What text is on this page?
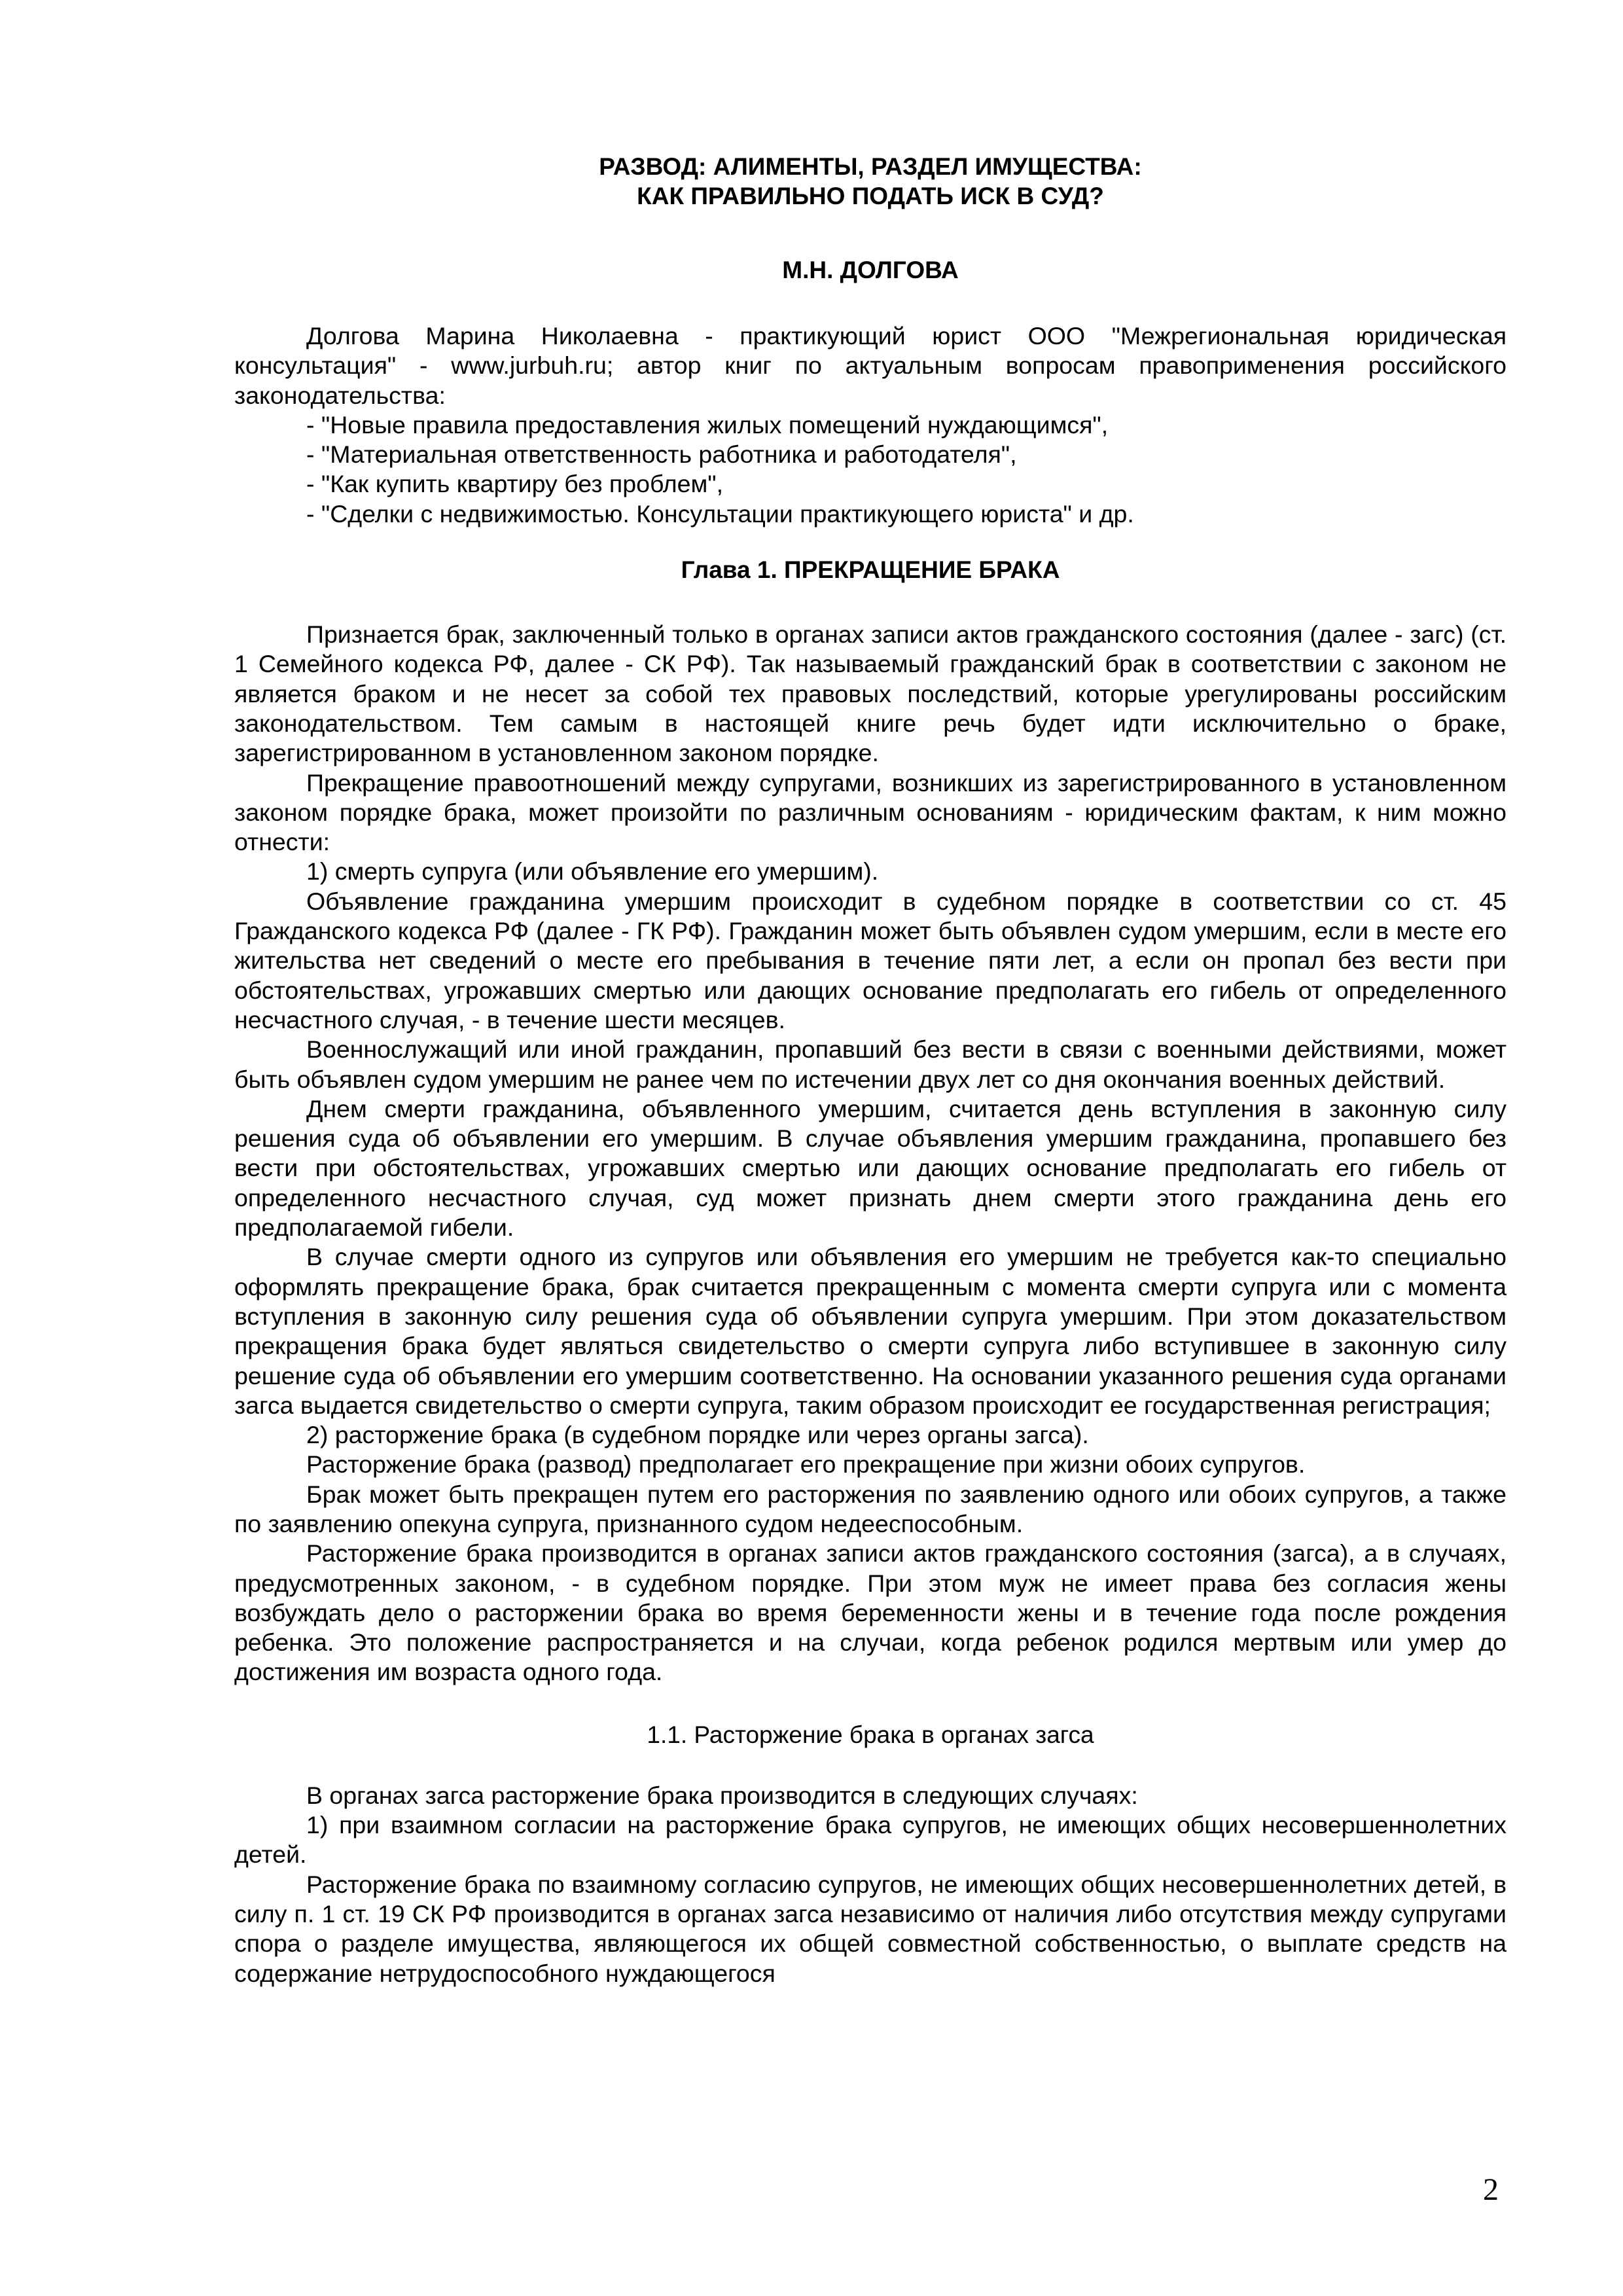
РАЗВОД: АЛИМЕНТЫ, РАЗДЕЛ ИМУЩЕСТВА:
КАК ПРАВИЛЬНО ПОДАТЬ ИСК В СУД?
М.Н. ДОЛГОВА

Долгова Марина Николаевна - практикующий юрист ООО "Межрегиональная юридическая консультация" - www.jurbuh.ru; автор книг по актуальным вопросам правоприменения российского законодательства:

- "Новые правила предоставления жилых помещений нуждающимся",

- "Материальная ответственность работника и работодателя",

- "Как купить квартиру без проблем",

- "Сделки с недвижимостью. Консультации практикующего юриста" и др.

Глава 1. ПРЕКРАЩЕНИЕ БРАКА

Признается брак, заключенный только в органах записи актов гражданского состояния (далее - загс) (ст. 1 Семейного кодекса РФ, далее - СК РФ). Так называемый гражданский брак в соответствии с законом не является браком и не несет за собой тех правовых последствий, которые урегулированы российским законодательством. Тем самым в настоящей книге речь будет идти исключительно о браке, зарегистрированном в установленном законом порядке.

Прекращение правоотношений между супругами, возникших из зарегистрированного в установленном законом порядке брака, может произойти по различным основаниям - юридическим фактам, к ним можно отнести:

1) смерть супруга (или объявление его умершим).

Объявление гражданина умершим происходит в судебном порядке в соответствии со ст. 45 Гражданского кодекса РФ (далее - ГК РФ). Гражданин может быть объявлен судом умершим, если в месте его жительства нет сведений о месте его пребывания в течение пяти лет, а если он пропал без вести при обстоятельствах, угрожавших смертью или дающих основание предполагать его гибель от определенного несчастного случая, - в течение шести месяцев.

Военнослужащий или иной гражданин, пропавший без вести в связи с военными действиями, может быть объявлен судом умершим не ранее чем по истечении двух лет со дня окончания военных действий.

Днем смерти гражданина, объявленного умершим, считается день вступления в законную силу решения суда об объявлении его умершим. В случае объявления умершим гражданина, пропавшего без вести при обстоятельствах, угрожавших смертью или дающих основание предполагать его гибель от определенного несчастного случая, суд может признать днем смерти этого гражданина день его предполагаемой гибели.

В случае смерти одного из супругов или объявления его умершим не требуется как-то специально оформлять прекращение брака, брак считается прекращенным с момента смерти супруга или с момента вступления в законную силу решения суда об объявлении супруга умершим. При этом доказательством прекращения брака будет являться свидетельство о смерти супруга либо вступившее в законную силу решение суда об объявлении его умершим соответственно. На основании указанного решения суда органами загса выдается свидетельство о смерти супруга, таким образом происходит ее государственная регистрация;

2) расторжение брака (в судебном порядке или через органы загса).

Расторжение брака (развод) предполагает его прекращение при жизни обоих супругов.

Брак может быть прекращен путем его расторжения по заявлению одного или обоих супругов, а также по заявлению опекуна супруга, признанного судом недееспособным.

Расторжение брака производится в органах записи актов гражданского состояния (загса), а в случаях, предусмотренных законом, - в судебном порядке. При этом муж не имеет права без согласия жены возбуждать дело о расторжении брака во время беременности жены и в течение года после рождения ребенка. Это положение распространяется и на случаи, когда ребенок родился мертвым или умер до достижения им возраста одного года.

1.1. Расторжение брака в органах загса

В органах загса расторжение брака производится в следующих случаях:

1) при взаимном согласии на расторжение брака супругов, не имеющих общих несовершеннолетних детей.

Расторжение брака по взаимному согласию супругов, не имеющих общих несовершеннолетних детей, в силу п. 1 ст. 19 СК РФ производится в органах загса независимо от наличия либо отсутствия между супругами спора о разделе имущества, являющегося их общей совместной собственностью, о выплате средств на содержание нетрудоспособного нуждающегося

2
